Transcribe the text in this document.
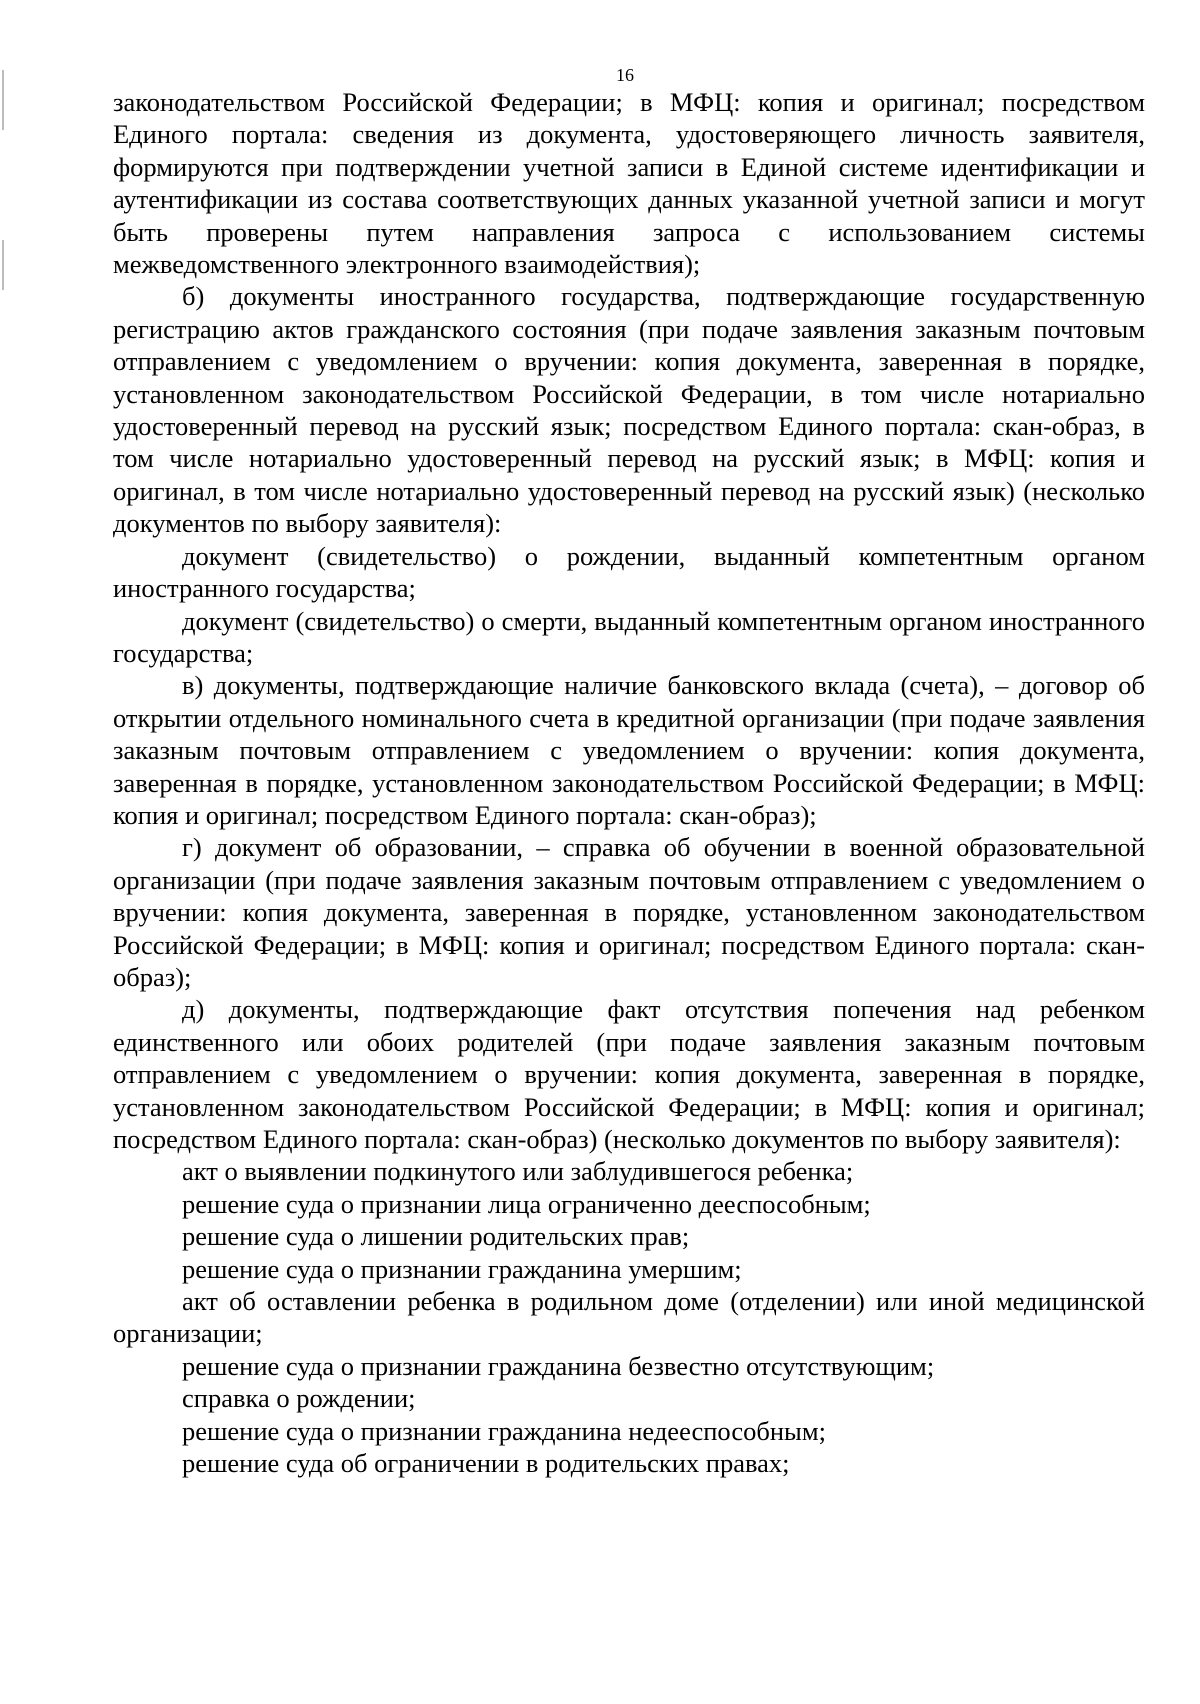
16

законодательством Российской Федерации; в МФЦ: копия и оригинал; посредством Единого портала: сведения из документа, удостоверяющего личность заявителя, формируются при подтверждении учетной записи в Единой системе идентификации и аутентификации из состава соответствующих данных указанной учетной записи и могут быть проверены путем направления запроса с использованием системы межведомственного электронного взаимодействия);

б) документы иностранного государства, подтверждающие государственную регистрацию актов гражданского состояния (при подаче заявления заказным почтовым отправлением с уведомлением о вручении: копия документа, заверенная в порядке, установленном законодательством Российской Федерации, в том числе нотариально удостоверенный перевод на русский язык; посредством Единого портала: скан-образ, в том числе нотариально удостоверенный перевод на русский язык; в МФЦ: копия и оригинал, в том числе нотариально удостоверенный перевод на русский язык) (несколько документов по выбору заявителя):

документ (свидетельство) о рождении, выданный компетентным органом иностранного государства;

документ (свидетельство) о смерти, выданный компетентным органом иностранного государства;

в) документы, подтверждающие наличие банковского вклада (счета), – договор об открытии отдельного номинального счета в кредитной организации (при подаче заявления заказным почтовым отправлением с уведомлением о вручении: копия документа, заверенная в порядке, установленном законодательством Российской Федерации; в МФЦ: копия и оригинал; посредством Единого портала: скан-образ);

г) документ об образовании, – справка об обучении в военной образовательной организации (при подаче заявления заказным почтовым отправлением с уведомлением о вручении: копия документа, заверенная в порядке, установленном законодательством Российской Федерации; в МФЦ: копия и оригинал; посредством Единого портала: скан-образ);

д) документы, подтверждающие факт отсутствия попечения над ребенком единственного или обоих родителей (при подаче заявления заказным почтовым отправлением с уведомлением о вручении: копия документа, заверенная в порядке, установленном законодательством Российской Федерации; в МФЦ: копия и оригинал; посредством Единого портала: скан-образ) (несколько документов по выбору заявителя):

акт о выявлении подкинутого или заблудившегося ребенка;

решение суда о признании лица ограниченно дееспособным;

решение суда о лишении родительских прав;

решение суда о признании гражданина умершим;

акт об оставлении ребенка в родильном доме (отделении) или иной медицинской организации;

решение суда о признании гражданина безвестно отсутствующим;

справка о рождении;

решение суда о признании гражданина недееспособным;

решение суда об ограничении в родительских правах;
